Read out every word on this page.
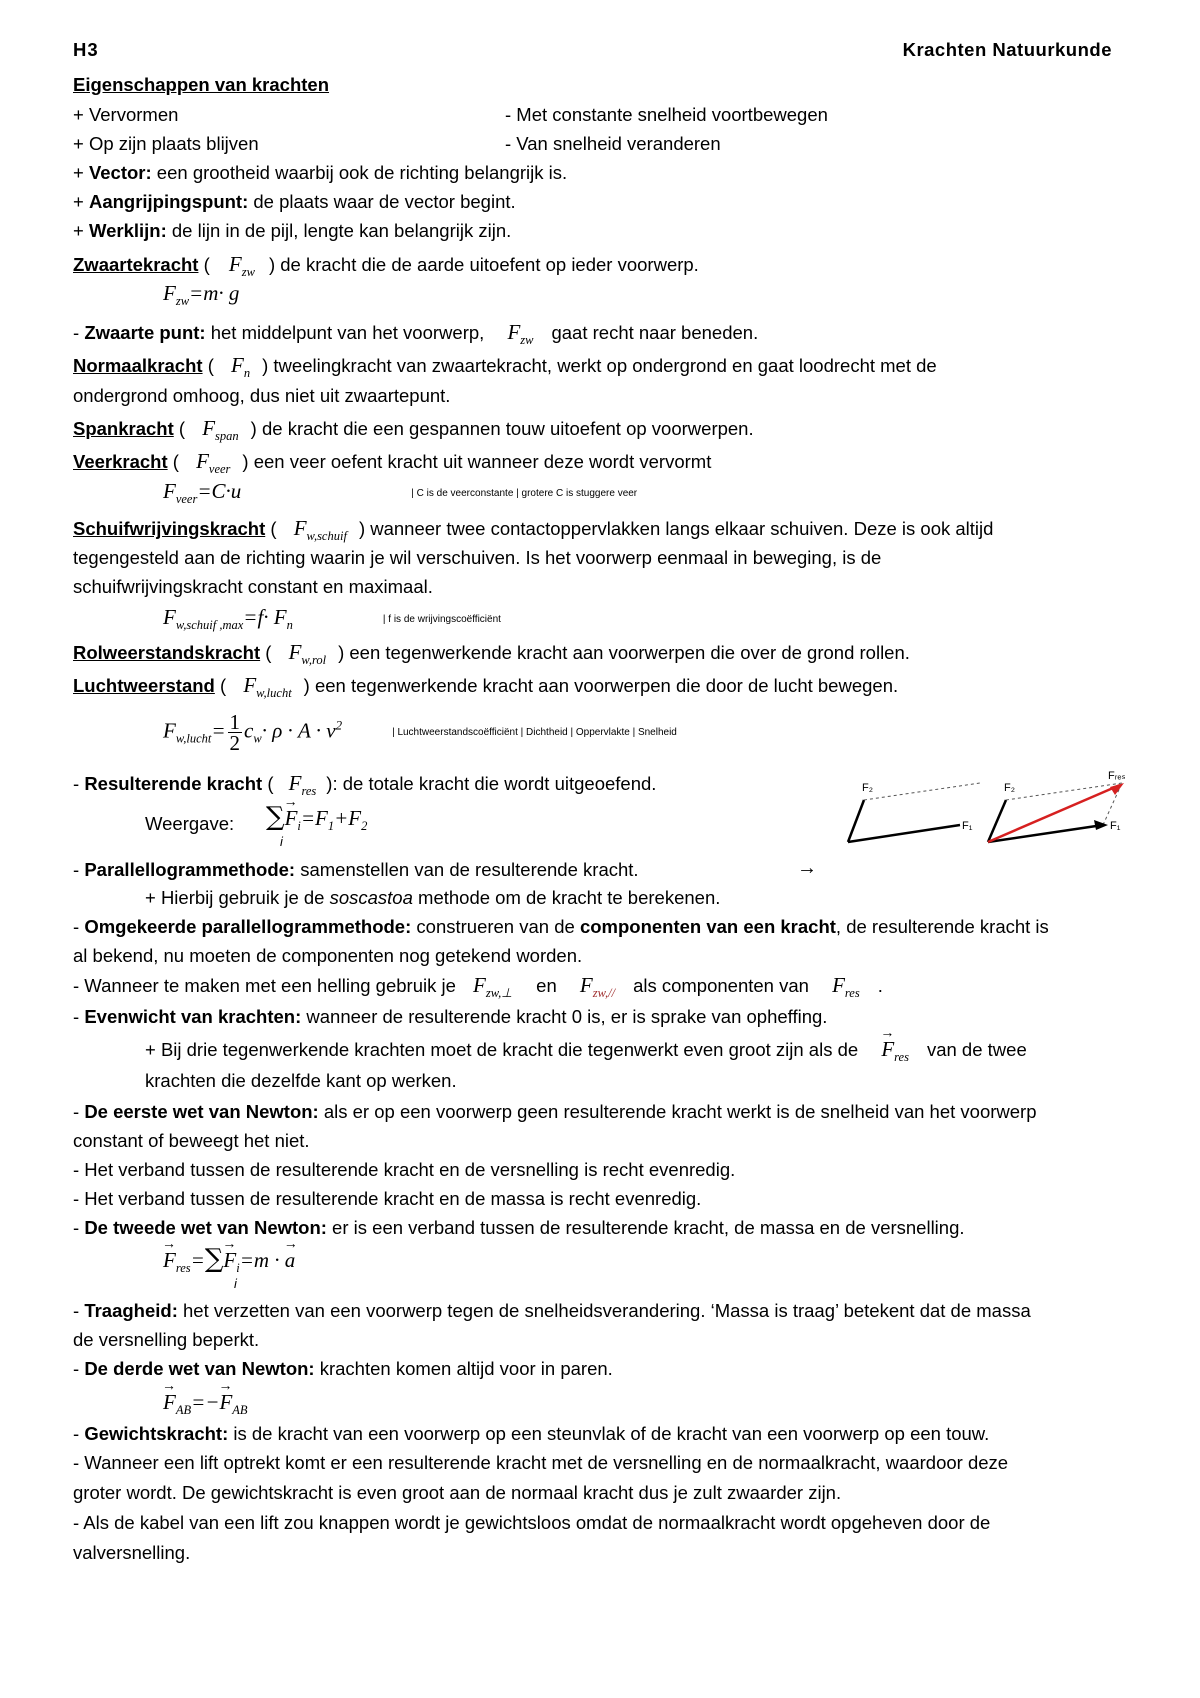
H3	Krachten Natuurkunde
Eigenschappen van krachten
+ Vervormen	- Met constante snelheid voortbewegen
+ Op zijn plaats blijven	- Van snelheid veranderen
+ Vector: een grootheid waarbij ook de richting belangrijk is.
+ Aangrijpingspunt: de plaats waar de vector begint.
+ Werklijn: de lijn in de pijl, lengte kan belangrijk zijn.
Zwaartekracht ( $F_{zw}$ ) de kracht die de aarde uitoefent op ieder voorwerp.
$F_{zw}=m\cdot g$
- Zwaarte punt: het middelpunt van het voorwerp, $F_{zw}$ gaat recht naar beneden.
Normaalkracht ( $F_n$ ) tweelingkracht van zwaartekracht, werkt op ondergrond en gaat loodrecht met de
ondergrond omhoog, dus niet uit zwaartepunt.
Spankracht ( $F_{span}$ ) de kracht die een gespannen touw uitoefent op voorwerpen.
Veerkracht ( $F_{veer}$ ) een veer oefent kracht uit wanneer deze wordt vervormt
$F_{veer}=C\cdot u$	| C is de veerconstante | grotere C is stuggere veer
Schuifwrijvingskracht ( $F_{w,schuif}$ ) wanneer twee contactoppervlakken langs elkaar schuiven. Deze is ook altijd
tegengesteld aan de richting waarin je wil verschuiven. Is het voorwerp eenmaal in beweging, is de
schuifwrijvingskracht constant en maximaal.
$F_{w,schuif ,max}=f\cdot F_n$	| f is de wrijvingscoëfficiënt
Rolweerstandskracht ( $F_{w,rol}$ ) een tegenwerkende kracht aan voorwerpen die over de grond rollen.
Luchtweerstand ( $F_{w,lucht}$ ) een tegenwerkende kracht aan voorwerpen die door de lucht bewegen.
$F_{w,lucht}= \frac{1}{2} c_w\cdot \rho \cdot A \cdot v^2|$ Luchtweerstandscoëfficiënt | Dichtheid | Oppervlakte | Snelheid
- Resulterende kracht ( $F_{res}$ ): de totale kracht die wordt uitgeoefend.
Weergave: ∑→ $F_i=F_1+F_2$
i
F₂
F₁
F₂
F₁
Fᵣₑₛ
- Parallellogrammethode: samenstellen van de resulterende kracht.	→
+ Hierbij gebruik je de soscastoa methode om de kracht te berekenen.
- Omgekeerde parallellogrammethode: construeren van de componenten van een kracht, de resulterende kracht is
al bekend, nu moeten de componenten nog getekend worden.
- Wanneer te maken met een helling gebruik je $F_{zw,\perp}$ en $F_{zw,//}$ als componenten van $F_{res}$ .
- Evenwicht van krachten: wanneer de resulterende kracht 0 is, er is sprake van opheffing.
+ Bij drie tegenwerkende krachten moet de kracht die tegenwerkt even groot zijn als de → $F_{res}$ van de twee
krachten die dezelfde kant op werken.
- De eerste wet van Newton: als er op een voorwerp geen resulterende kracht werkt is de snelheid van het voorwerp
constant of beweegt het niet.
- Het verband tussen de resulterende kracht en de versnelling is recht evenredig.
- Het verband tussen de resulterende kracht en de massa is recht evenredig.
- De tweede wet van Newton: er is een verband tussen de resulterende kracht, de massa en de versnelling.
→ $F_{res}=\sum\to F_i=m$ · → a
i
- Traagheid: het verzetten van een voorwerp tegen de snelheidsverandering. ‘Massa is traag’ betekent dat de massa
de versnelling beperkt.
- De derde wet van Newton: krachten komen altijd voor in paren.
→ $F_{AB}=-\to F_{AB}$
- Gewichtskracht: is de kracht van een voorwerp op een steunvlak of de kracht van een voorwerp op een touw.
- Wanneer een lift optrekt komt er een resulterende kracht met de versnelling en de normaalkracht, waardoor deze
groter wordt. De gewichtskracht is even groot aan de normaal kracht dus je zult zwaarder zijn.
- Als de kabel van een lift zou knappen wordt je gewichtsloos omdat de normaalkracht wordt opgeheven door de
valversnelling.
